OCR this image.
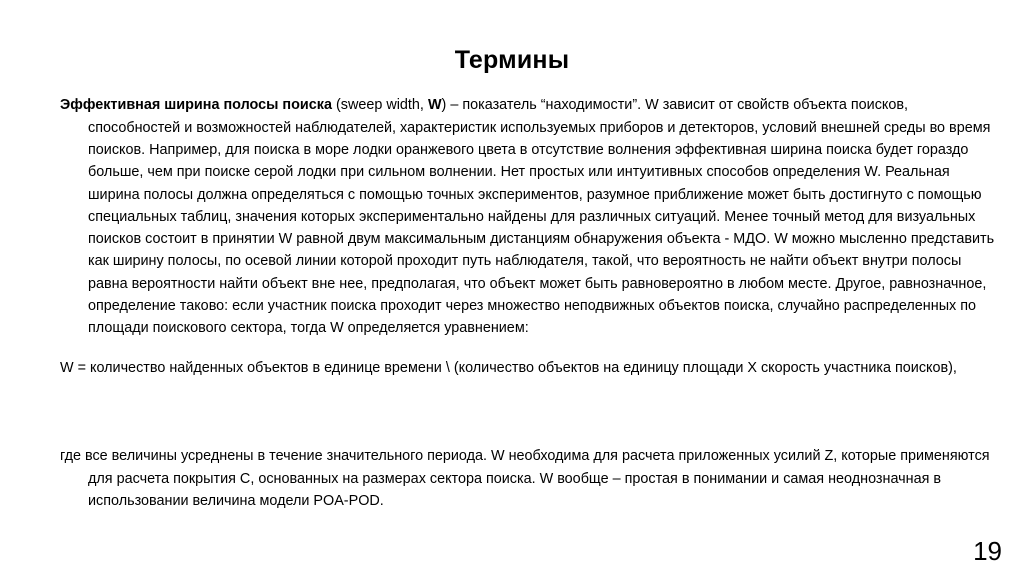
Термины

Эффективная ширина полосы поиска (sweep width, W) – показатель “находимости”. W зависит от свойств объекта поисков, способностей и возможностей наблюдателей, характеристик используемых приборов и детекторов, условий внешней среды во время поисков. Например, для поиска в море лодки оранжевого цвета в отсутствие волнения эффективная ширина поиска будет гораздо больше, чем при поиске серой лодки при сильном волнении. Нет простых или интуитивных способов определения W. Реальная ширина полосы должна определяться с помощью точных экспериментов, разумное приближение может быть достигнуто с помощью специальных таблиц, значения которых экспериментально найдены для различных ситуаций. Менее точный метод для визуальных поисков состоит в принятии W равной двум максимальным дистанциям обнаружения объекта - МДО. W можно мысленно представить как ширину полосы, по осевой линии которой проходит путь наблюдателя, такой, что вероятность не найти объект внутри полосы равна вероятности найти объект вне нее, предполагая, что объект может быть равновероятно в любом месте. Другое, равнозначное, определение таково: если участник поиска проходит через множество неподвижных объектов поиска, случайно распределенных по площади поискового сектора, тогда W определяется уравнением:

W = количество найденных объектов в единице времени \ (количество объектов на единицу площади X скорость участника поисков),

где все величины усреднены в течение значительного периода. W необходима для расчета приложенных усилий Z, которые применяются для расчета покрытия C, основанных на размерах сектора поиска. W вообще – простая в понимании и самая неоднозначная в использовании величина модели POA-POD.

19
